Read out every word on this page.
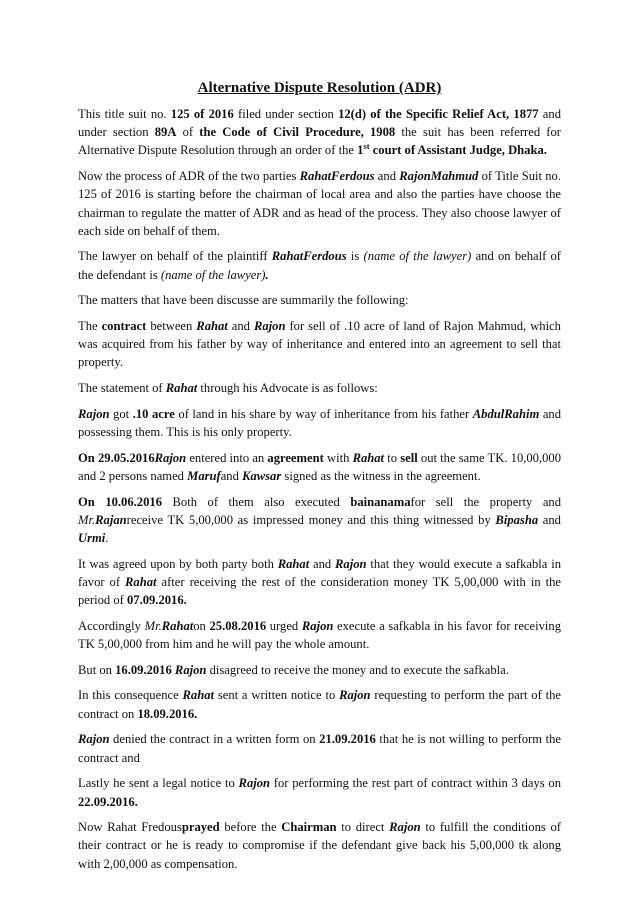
Alternative Dispute Resolution (ADR)

This title suit no. 125 of 2016 filed under section 12(d) of the Specific Relief Act, 1877 and under section 89A of the Code of Civil Procedure, 1908 the suit has been referred for Alternative Dispute Resolution through an order of the 1st court of Assistant Judge, Dhaka.

Now the process of ADR of the two parties RahatFerdous and RajonMahmud of Title Suit no. 125 of 2016 is starting before the chairman of local area and also the parties have choose the chairman to regulate the matter of ADR and as head of the process. They also choose lawyer of each side on behalf of them.

The lawyer on behalf of the plaintiff RahatFerdous is (name of the lawyer) and on behalf of the defendant is (name of the lawyer).

The matters that have been discusse are summarily the following:

The contract between Rahat and Rajon for sell of .10 acre of land of Rajon Mahmud, which was acquired from his father by way of inheritance and entered into an agreement to sell that property.

The statement of Rahat through his Advocate is as follows:

Rajon got .10 acre of land in his share by way of inheritance from his father AbdulRahim and possessing them. This is his only property.

On 29.05.2016Rajon entered into an agreement with Rahat to sell out the same TK. 10,00,000 and 2 persons named Marufand Kawsar signed as the witness in the agreement.

On 10.06.2016 Both of them also executed bainanamafor sell the property and Mr.Rajanreceive TK 5,00,000 as impressed money and this thing witnessed by Bipasha and Urmi.

It was agreed upon by both party both Rahat and Rajon that they would execute a safkabla in favor of Rahat after receiving the rest of the consideration money TK 5,00,000 with in the period of 07.09.2016.

Accordingly Mr.Rahaton 25.08.2016 urged Rajon execute a safkabla in his favor for receiving TK 5,00,000 from him and he will pay the whole amount.

But on 16.09.2016 Rajon disagreed to receive the money and to execute the safkabla.

In this consequence Rahat sent a written notice to Rajon requesting to perform the part of the contract on 18.09.2016.

Rajon denied the contract in a written form on 21.09.2016 that he is not willing to perform the contract and

Lastly he sent a legal notice to Rajon for performing the rest part of contract within 3 days on 22.09.2016.

Now Rahat Fredousprayed before the Chairman to direct Rajon to fulfill the conditions of their contract or he is ready to compromise if the defendant give back his 5,00,000 tk along with 2,00,000 as compensation.
